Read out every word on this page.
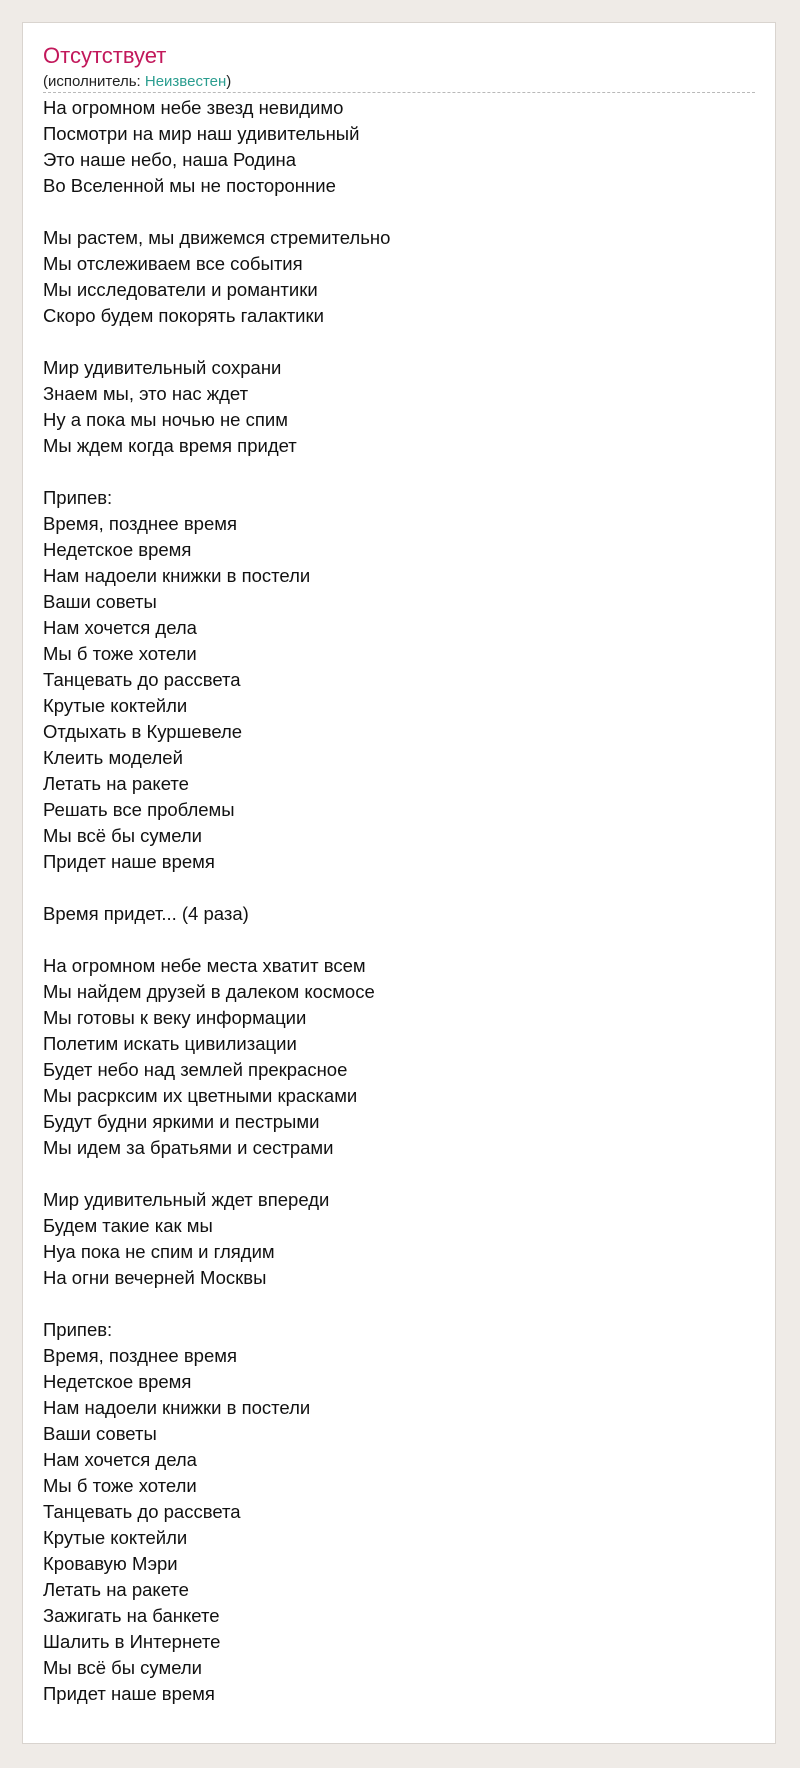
Отсутствует
(исполнитель: Неизвестен)
На огромном небе звезд невидимо
Посмотри на мир наш удивительный
Это наше небо, наша Родина
Во Вселенной мы не посторонние
Мы растем, мы движемся стремительно
Мы отслеживаем все события
Мы исследователи и романтики
Скоро будем покорять галактики
Мир удивительный сохрани
Знаем мы, это нас ждет
Ну а пока мы ночью не спим
Мы ждем когда время придет
Припев:
Время, позднее время
Недетское время
Нам надоели книжки в постели
Ваши советы
Нам хочется дела
Мы б тоже хотели
Танцевать до рассвета
Крутые коктейли
Отдыхать в Куршевеле
Клеить моделей
Летать на ракете
Решать все проблемы
Мы всё бы сумели
Придет наше время
Время придет... (4 раза)
На огромном небе места хватит всем
Мы найдем друзей в далеком космосе
Мы готовы к веку информации
Полетим искать цивилизации
Будет небо над землей прекрасное
Мы расрксим их цветными красками
Будут будни яркими и пестрыми
Мы идем за братьями и сестрами
Мир удивительный ждет впереди
Будем такие как мы
Нуа пока не спим и глядим
На огни вечерней Москвы
Припев:
Время, позднее время
Недетское время
Нам надоели книжки в постели
Ваши советы
Нам хочется дела
Мы б тоже хотели
Танцевать до рассвета
Крутые коктейли
Кровавую Мэри
Летать на ракете
Зажигать на банкете
Шалить в Интернете
Мы всё бы сумели
Придет наше время
